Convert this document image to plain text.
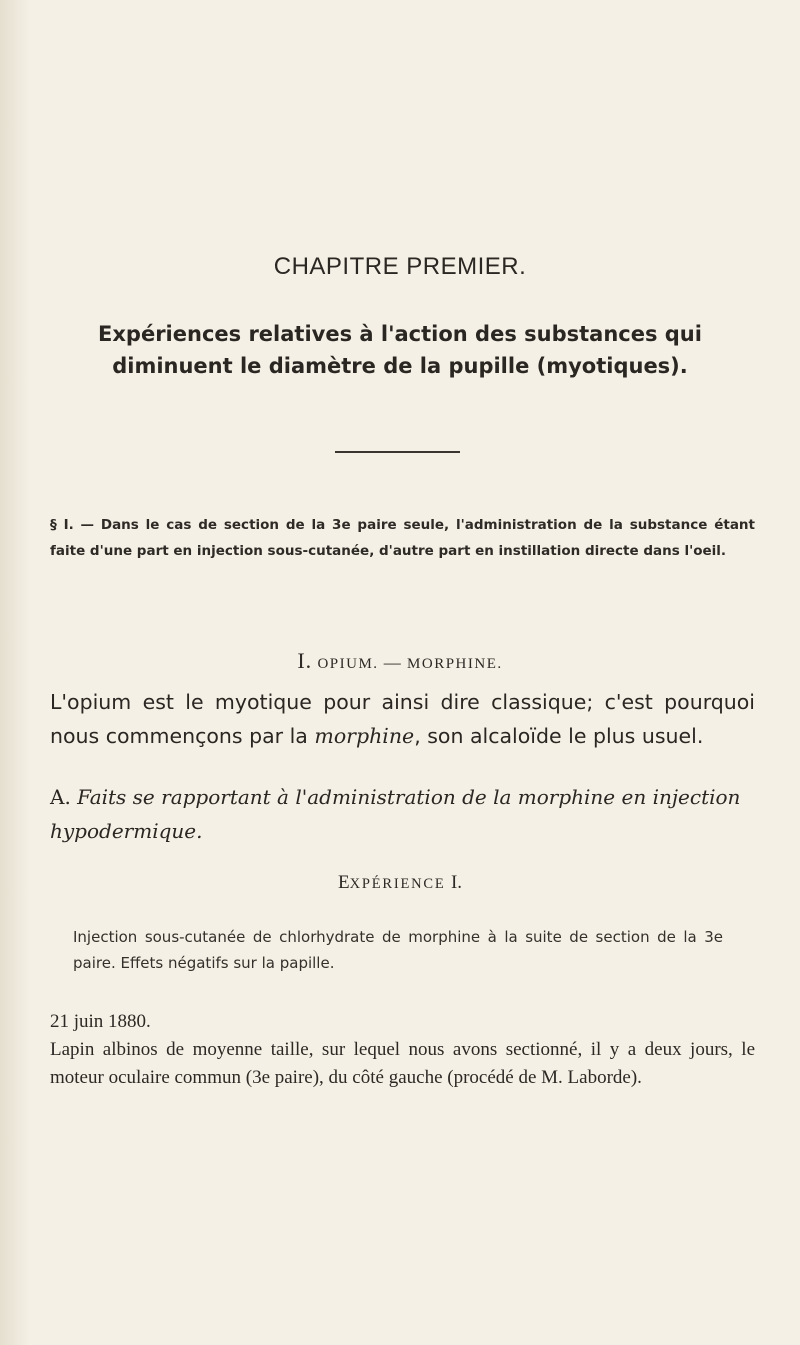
CHAPITRE PREMIER.
Expériences relatives à l'action des substances qui
diminuent le diamètre de la pupille (myotiques).
§ I. — Dans le cas de section de la 3e paire seule, l'administration de la substance étant faite d'une part en injection sous-cutanée, d'autre part en instillation directe dans l'oeil.
I. OPIUM. — MORPHINE.

L'opium est le myotique pour ainsi dire classique; c'est pourquoi nous commençons par la morphine, son alcaloïde le plus usuel.

A. Faits se rapportant à l'administration de la morphine en injection hypodermique.

EXPÉRIENCE I.

Injection sous-cutanée de chlorhydrate de morphine à la suite de section de la 3e paire. Effets négatifs sur la papille.

21 juin 1880.

Lapin albinos de moyenne taille, sur lequel nous avons sectionné, il y a deux jours, le moteur oculaire commun (3e paire), du côté gauche (procédé de M. Laborde).
